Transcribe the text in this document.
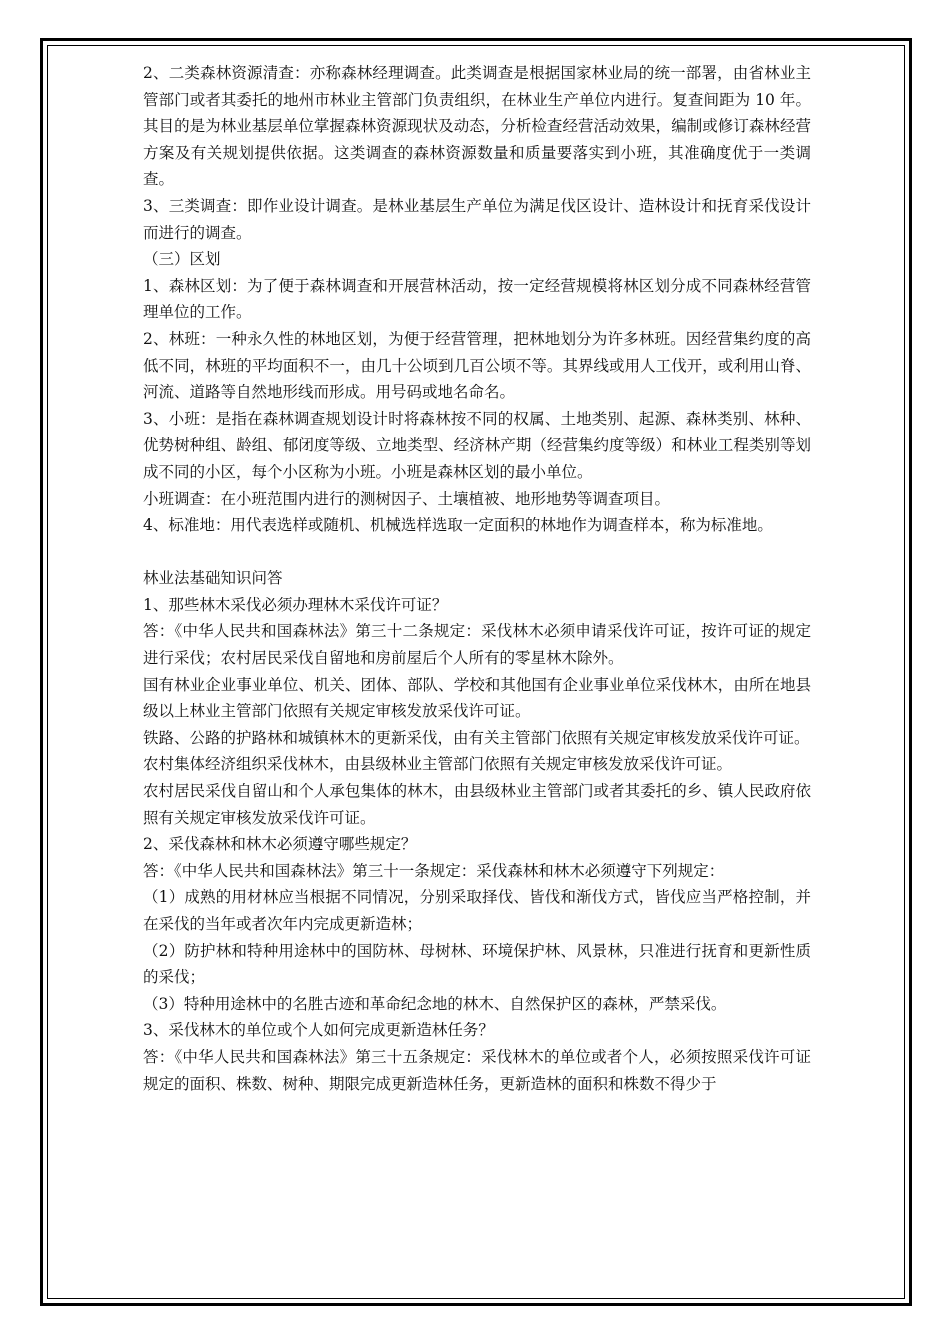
2、二类森林资源清查：亦称森林经理调查。此类调查是根据国家林业局的统一部署，由省林业主管部门或者其委托的地州市林业主管部门负责组织，在林业生产单位内进行。复查间距为 10 年。其目的是为林业基层单位掌握森林资源现状及动态，分析检查经营活动效果，编制或修订森林经营方案及有关规划提供依据。这类调查的森林资源数量和质量要落实到小班，其准确度优于一类调查。

3、三类调查：即作业设计调查。是林业基层生产单位为满足伐区设计、造林设计和抚育采伐设计而进行的调查。

（三）区划

1、森林区划：为了便于森林调查和开展营林活动，按一定经营规模将林区划分成不同森林经营管理单位的工作。

2、林班：一种永久性的林地区划，为便于经营管理，把林地划分为许多林班。因经营集约度的高低不同，林班的平均面积不一，由几十公顷到几百公顷不等。其界线或用人工伐开，或利用山脊、河流、道路等自然地形线而形成。用号码或地名命名。

3、小班：是指在森林调查规划设计时将森林按不同的权属、土地类别、起源、森林类别、林种、优势树种组、龄组、郁闭度等级、立地类型、经济林产期（经营集约度等级）和林业工程类别等划成不同的小区，每个小区称为小班。小班是森林区划的最小单位。

小班调查：在小班范围内进行的测树因子、土壤植被、地形地势等调查项目。

4、标准地：用代表选样或随机、机械选样选取一定面积的林地作为调查样本，称为标准地。

林业法基础知识问答

1、那些林木采伐必须办理林木采伐许可证？

答：《中华人民共和国森林法》第三十二条规定：采伐林木必须申请采伐许可证，按许可证的规定进行采伐；农村居民采伐自留地和房前屋后个人所有的零星林木除外。

国有林业企业事业单位、机关、团体、部队、学校和其他国有企业事业单位采伐林木，由所在地县级以上林业主管部门依照有关规定审核发放采伐许可证。

铁路、公路的护路林和城镇林木的更新采伐，由有关主管部门依照有关规定审核发放采伐许可证。

农村集体经济组织采伐林木，由县级林业主管部门依照有关规定审核发放采伐许可证。

农村居民采伐自留山和个人承包集体的林木，由县级林业主管部门或者其委托的乡、镇人民政府依照有关规定审核发放采伐许可证。

2、采伐森林和林木必须遵守哪些规定？

答：《中华人民共和国森林法》第三十一条规定：采伐森林和林木必须遵守下列规定：

（1）成熟的用材林应当根据不同情况，分别采取择伐、皆伐和渐伐方式，皆伐应当严格控制，并在采伐的当年或者次年内完成更新造林；

（2）防护林和特种用途林中的国防林、母树林、环境保护林、风景林，只准进行抚育和更新性质的采伐；

（3）特种用途林中的名胜古迹和革命纪念地的林木、自然保护区的森林，严禁采伐。

3、采伐林木的单位或个人如何完成更新造林任务？

答：《中华人民共和国森林法》第三十五条规定：采伐林木的单位或者个人，必须按照采伐许可证规定的面积、株数、树种、期限完成更新造林任务，更新造林的面积和株数不得少于
